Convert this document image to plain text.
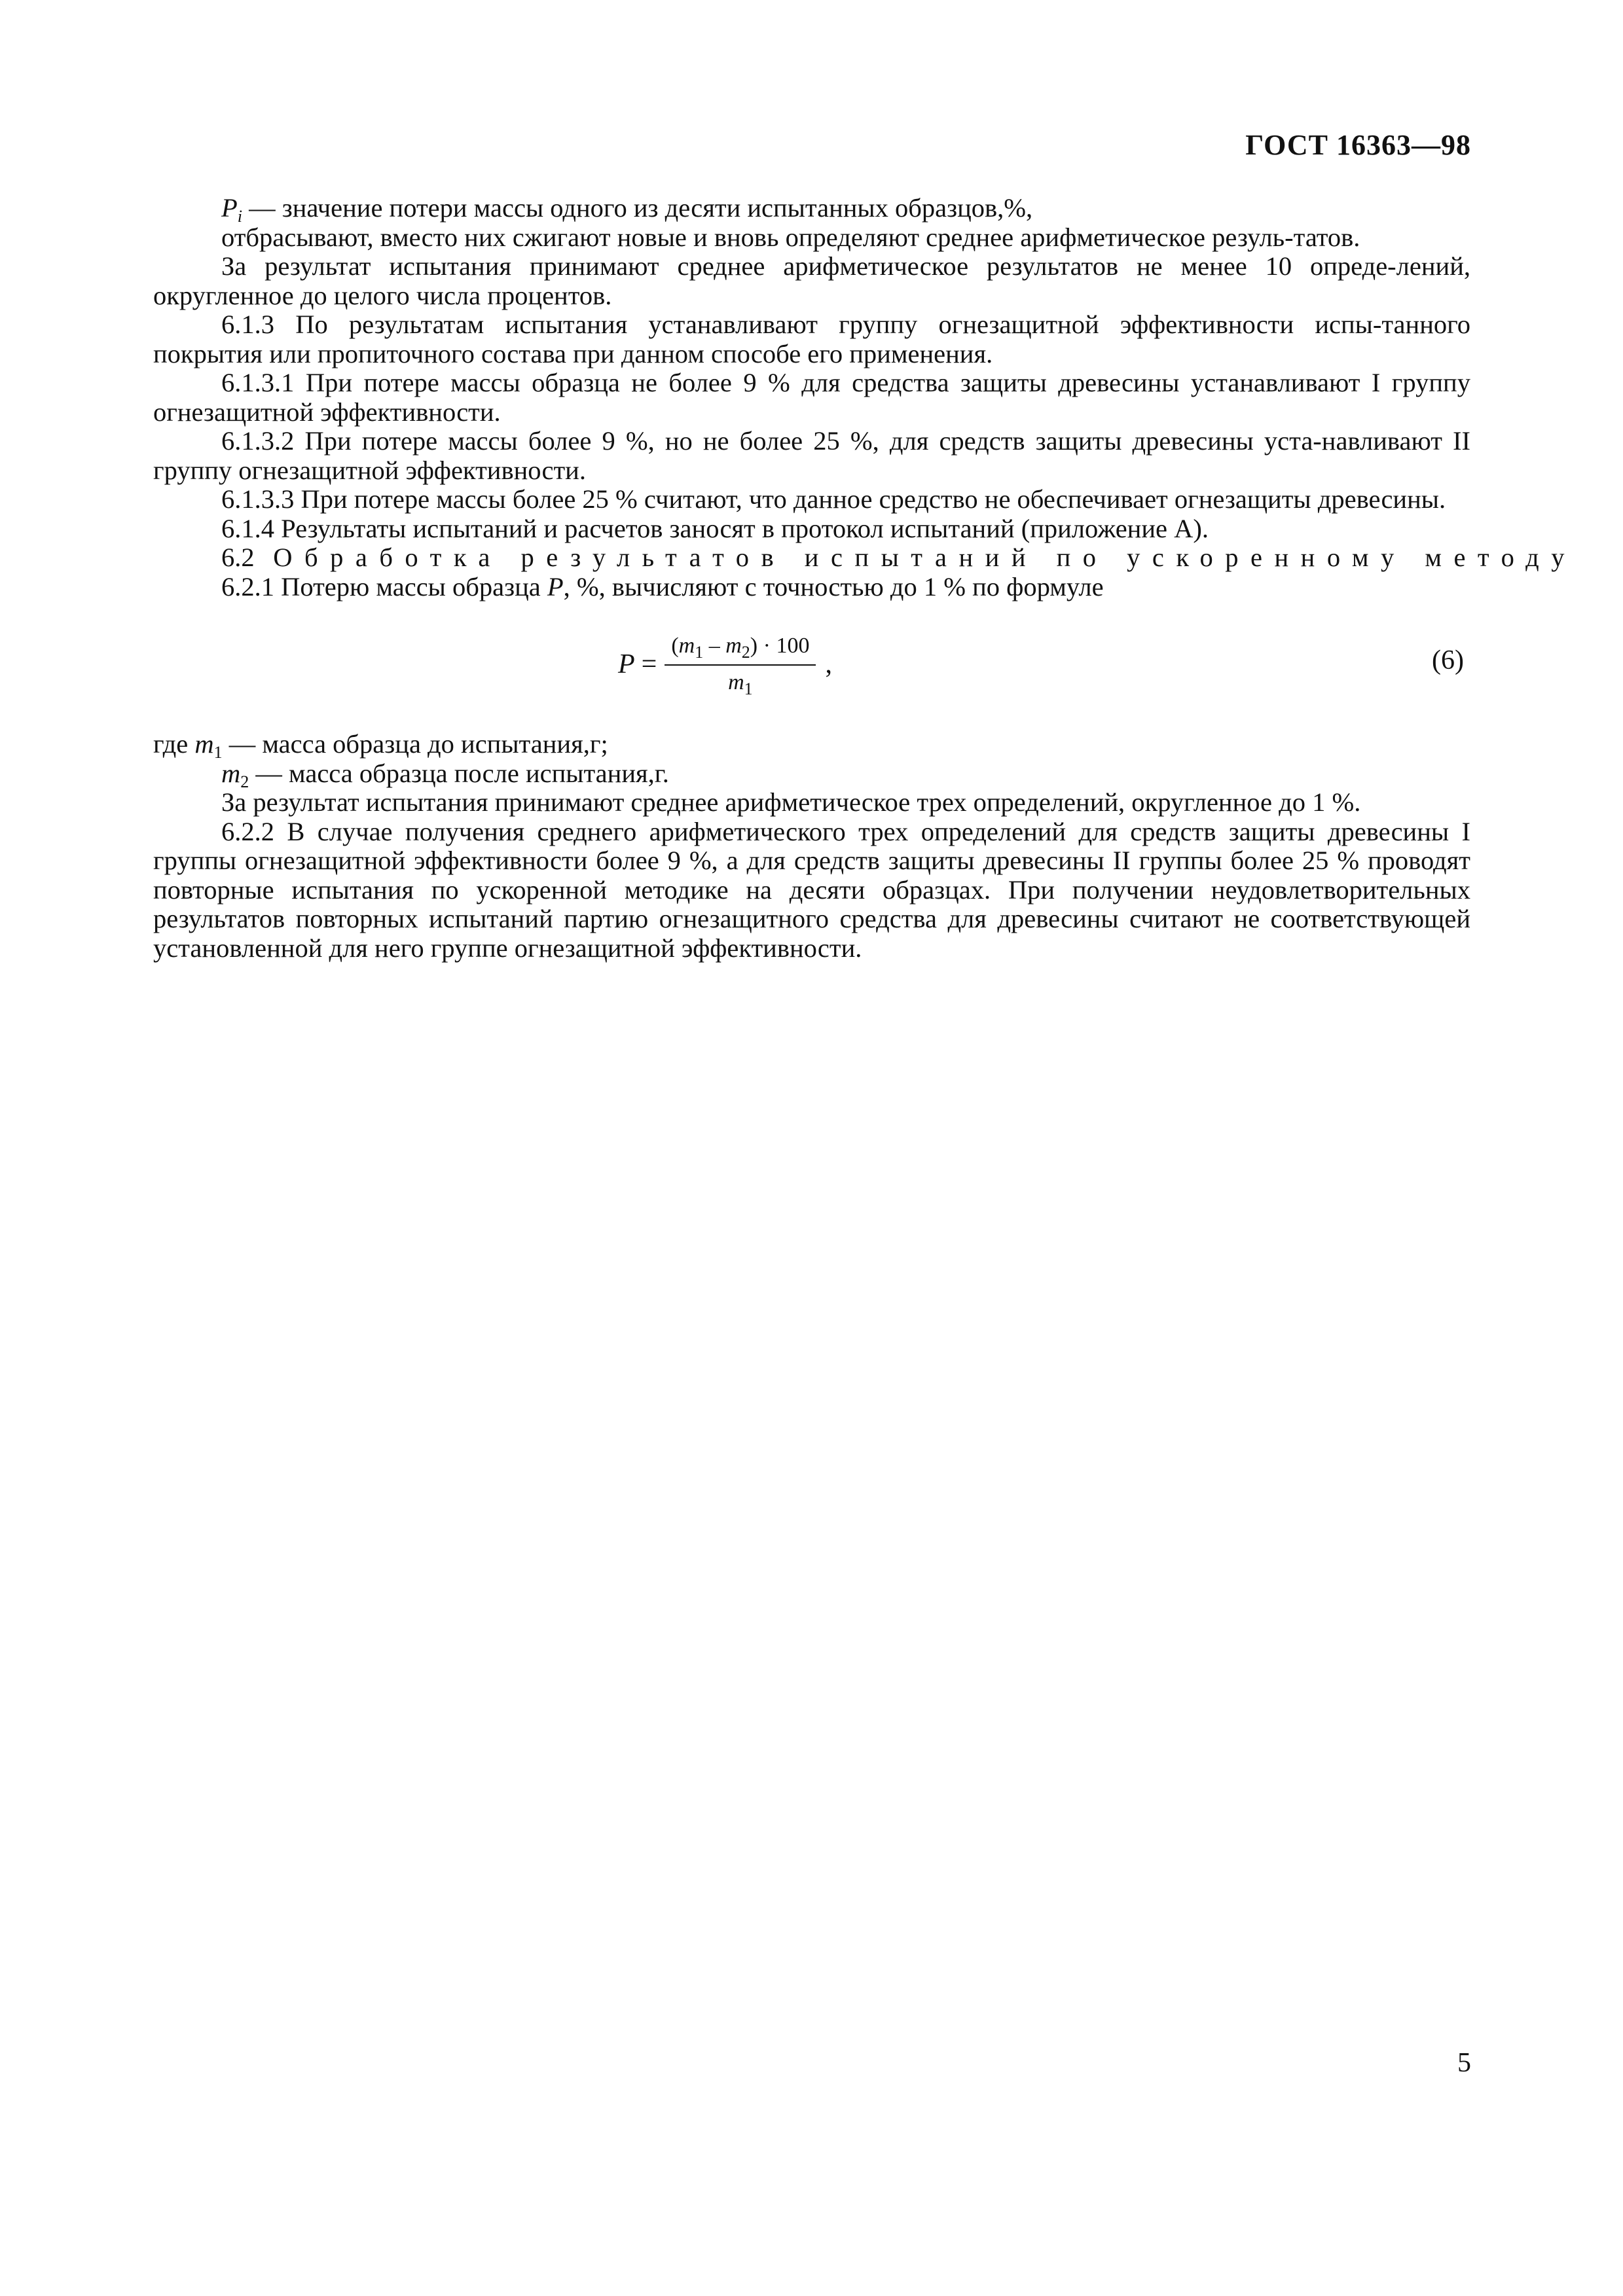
ГОСТ 16363—98

$P_i$ — значение потери массы одного из десяти испытанных образцов,%,

отбрасывают, вместо них сжигают новые и вновь определяют среднее арифметическое резуль-татов.

За результат испытания принимают среднее арифметическое результатов не менее 10 опреде-лений, округленное до целого числа процентов.

6.1.3 По результатам испытания устанавливают группу огнезащитной эффективности испы-танного покрытия или пропиточного состава при данном способе его применения.

6.1.3.1 При потере массы образца не более 9 % для средства защиты древесины устанавливают I группу огнезащитной эффективности.

6.1.3.2 При потере массы более 9 %, но не более 25 %, для средств защиты древесины уста-навливают II группу огнезащитной эффективности.

6.1.3.3 При потере массы более 25 % считают, что данное средство не обеспечивает огнезащиты древесины.

6.1.4 Результаты испытаний и расчетов заносят в протокол испытаний (приложение А).

6.2 Обработка результатов испытаний по ускоренному методу

6.2.1 Потерю массы образца Р, %, вычисляют с точностью до 1 % по формуле

$P = \frac{(m_1 - m_2) \cdot 100}{m_1}$ ,	(6)

где $m_1$ — масса образца до испытания,г;

$m_2$ — масса образца после испытания,г.

За результат испытания принимают среднее арифметическое трех определений, округленное до 1 %.

6.2.2 В случае получения среднего арифметического трех определений для средств защиты древесины I группы огнезащитной эффективности более 9 %, а для средств защиты древесины II группы более 25 % проводят повторные испытания по ускоренной методике на десяти образцах. При получении неудовлетворительных результатов повторных испытаний партию огнезащитного средства для древесины считают не соответствующей установленной для него группе огнезащитной эффективности.

5
